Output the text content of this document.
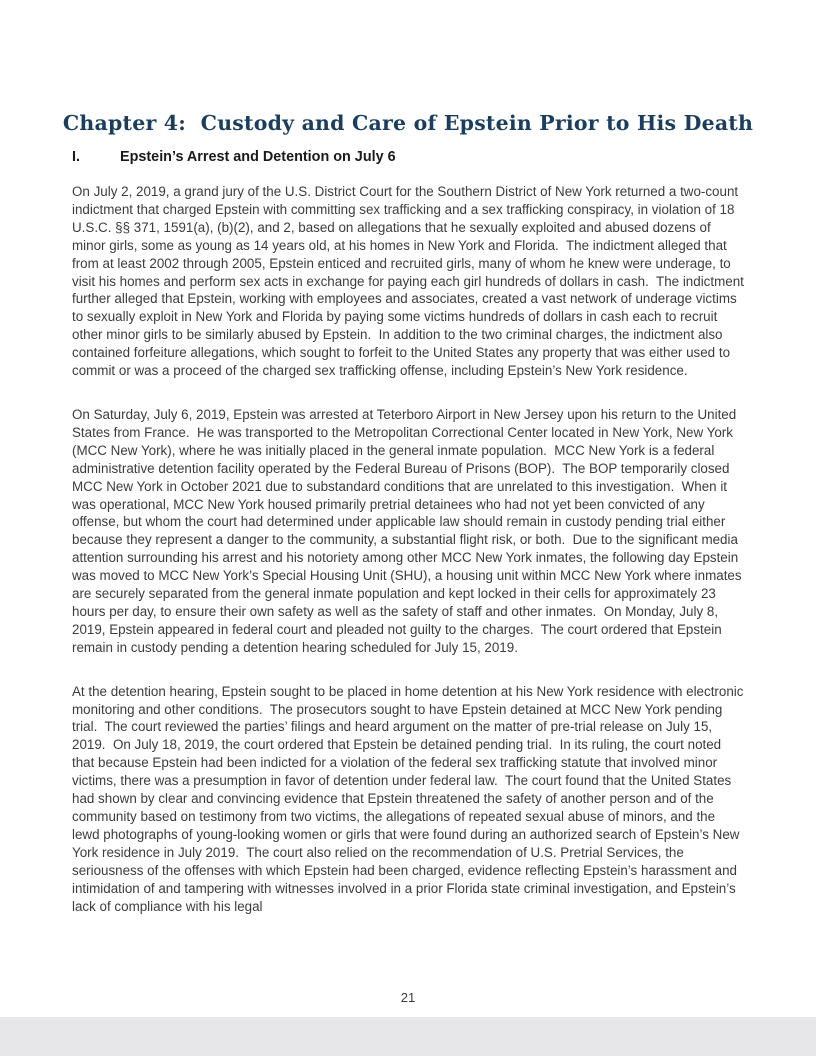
Chapter 4:  Custody and Care of Epstein Prior to His Death
I.	Epstein’s Arrest and Detention on July 6

On July 2, 2019, a grand jury of the U.S. District Court for the Southern District of New York returned a two-count indictment that charged Epstein with committing sex trafficking and a sex trafficking conspiracy, in violation of 18 U.S.C. §§ 371, 1591(a), (b)(2), and 2, based on allegations that he sexually exploited and abused dozens of minor girls, some as young as 14 years old, at his homes in New York and Florida.  The indictment alleged that from at least 2002 through 2005, Epstein enticed and recruited girls, many of whom he knew were underage, to visit his homes and perform sex acts in exchange for paying each girl hundreds of dollars in cash.  The indictment further alleged that Epstein, working with employees and associates, created a vast network of underage victims to sexually exploit in New York and Florida by paying some victims hundreds of dollars in cash each to recruit other minor girls to be similarly abused by Epstein.  In addition to the two criminal charges, the indictment also contained forfeiture allegations, which sought to forfeit to the United States any property that was either used to commit or was a proceed of the charged sex trafficking offense, including Epstein’s New York residence.

On Saturday, July 6, 2019, Epstein was arrested at Teterboro Airport in New Jersey upon his return to the United States from France.  He was transported to the Metropolitan Correctional Center located in New York, New York (MCC New York), where he was initially placed in the general inmate population.  MCC New York is a federal administrative detention facility operated by the Federal Bureau of Prisons (BOP).  The BOP temporarily closed MCC New York in October 2021 due to substandard conditions that are unrelated to this investigation.  When it was operational, MCC New York housed primarily pretrial detainees who had not yet been convicted of any offense, but whom the court had determined under applicable law should remain in custody pending trial either because they represent a danger to the community, a substantial flight risk, or both.  Due to the significant media attention surrounding his arrest and his notoriety among other MCC New York inmates, the following day Epstein was moved to MCC New York’s Special Housing Unit (SHU), a housing unit within MCC New York where inmates are securely separated from the general inmate population and kept locked in their cells for approximately 23 hours per day, to ensure their own safety as well as the safety of staff and other inmates.  On Monday, July 8, 2019, Epstein appeared in federal court and pleaded not guilty to the charges.  The court ordered that Epstein remain in custody pending a detention hearing scheduled for July 15, 2019.

At the detention hearing, Epstein sought to be placed in home detention at his New York residence with electronic monitoring and other conditions.  The prosecutors sought to have Epstein detained at MCC New York pending trial.  The court reviewed the parties’ filings and heard argument on the matter of pre-trial release on July 15, 2019.  On July 18, 2019, the court ordered that Epstein be detained pending trial.  In its ruling, the court noted that because Epstein had been indicted for a violation of the federal sex trafficking statute that involved minor victims, there was a presumption in favor of detention under federal law.  The court found that the United States had shown by clear and convincing evidence that Epstein threatened the safety of another person and of the community based on testimony from two victims, the allegations of repeated sexual abuse of minors, and the lewd photographs of young-looking women or girls that were found during an authorized search of Epstein’s New York residence in July 2019.  The court also relied on the recommendation of U.S. Pretrial Services, the seriousness of the offenses with which Epstein had been charged, evidence reflecting Epstein’s harassment and intimidation of and tampering with witnesses involved in a prior Florida state criminal investigation, and Epstein’s lack of compliance with his legal

21
